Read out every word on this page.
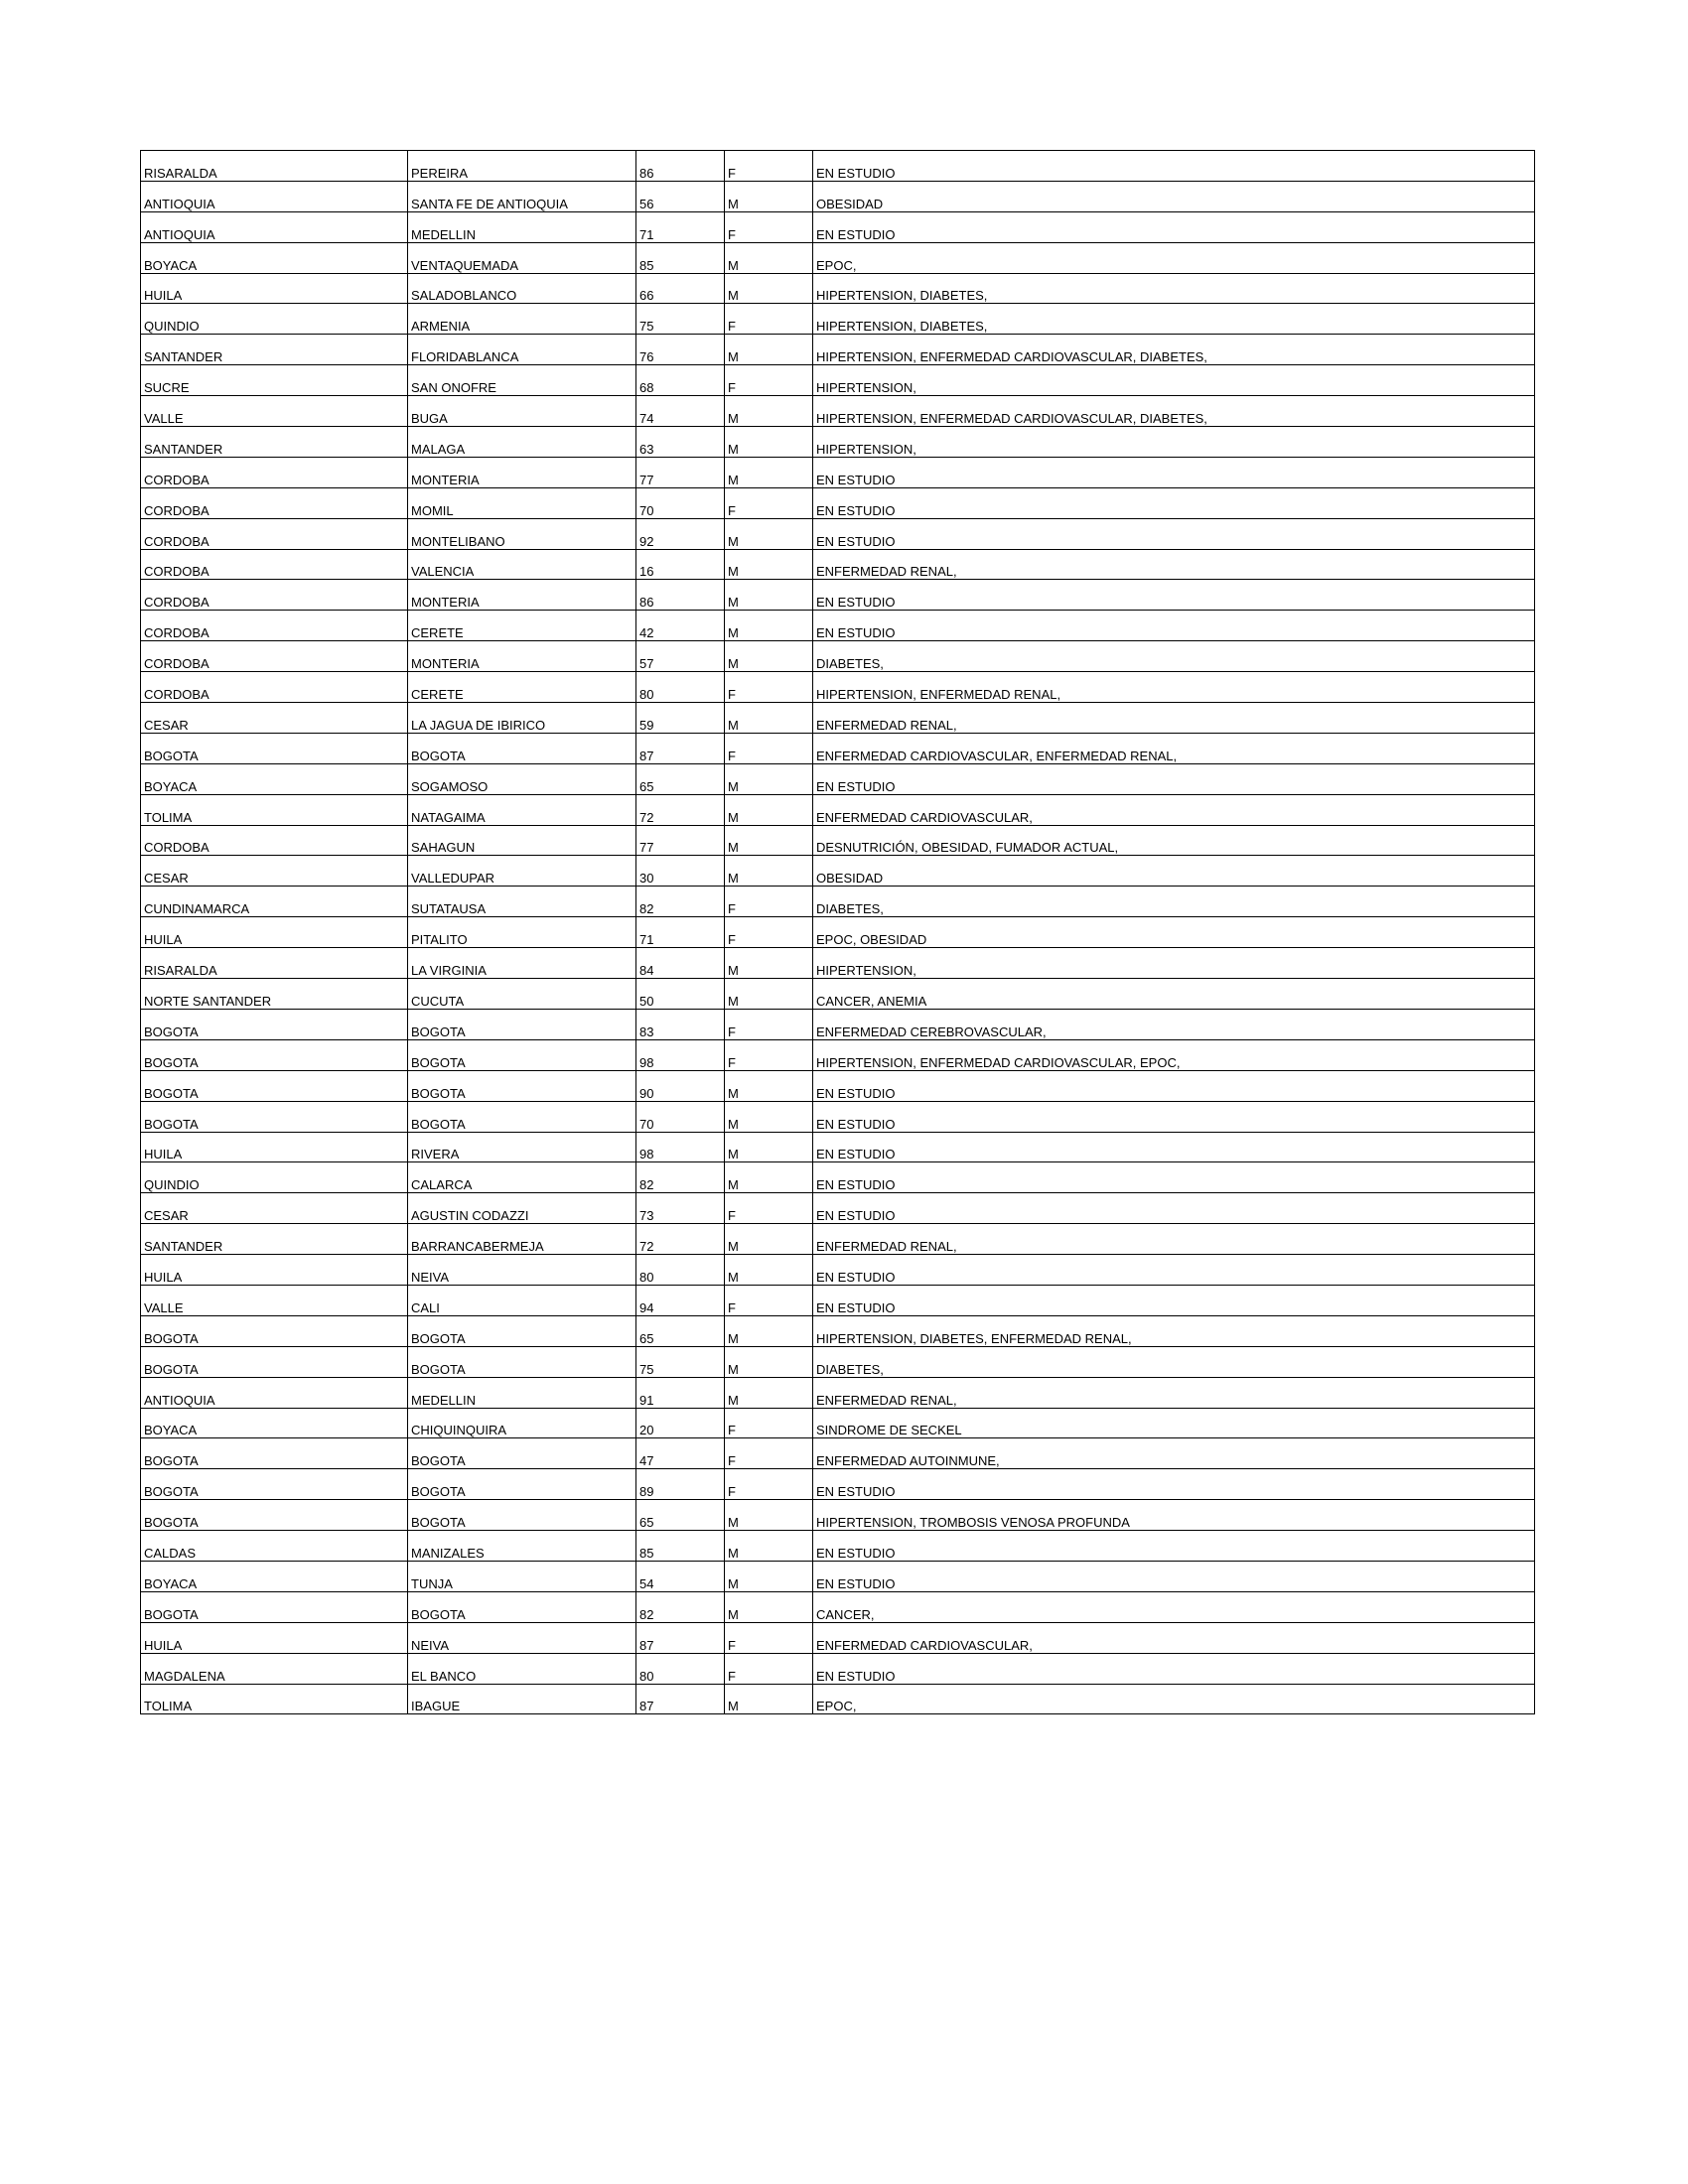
RISARALDA	PEREIRA	86	F	EN ESTUDIO
ANTIOQUIA	SANTA FE DE ANTIOQUIA	56	M	OBESIDAD
ANTIOQUIA	MEDELLIN	71	F	EN ESTUDIO
BOYACA	VENTAQUEMADA	85	M	EPOC,
HUILA	SALADOBLANCO	66	M	HIPERTENSION, DIABETES,
QUINDIO	ARMENIA	75	F	HIPERTENSION, DIABETES,
SANTANDER	FLORIDABLANCA	76	M	HIPERTENSION, ENFERMEDAD CARDIOVASCULAR, DIABETES,
SUCRE	SAN ONOFRE	68	F	HIPERTENSION,
VALLE	BUGA	74	M	HIPERTENSION, ENFERMEDAD CARDIOVASCULAR, DIABETES,
SANTANDER	MALAGA	63	M	HIPERTENSION,
CORDOBA	MONTERIA	77	M	EN ESTUDIO
CORDOBA	MOMIL	70	F	EN ESTUDIO
CORDOBA	MONTELIBANO	92	M	EN ESTUDIO
CORDOBA	VALENCIA	16	M	ENFERMEDAD RENAL,
CORDOBA	MONTERIA	86	M	EN ESTUDIO
CORDOBA	CERETE	42	M	EN ESTUDIO
CORDOBA	MONTERIA	57	M	DIABETES,
CORDOBA	CERETE	80	F	HIPERTENSION, ENFERMEDAD RENAL,
CESAR	LA JAGUA DE IBIRICO	59	M	ENFERMEDAD RENAL,
BOGOTA	BOGOTA	87	F	ENFERMEDAD CARDIOVASCULAR, ENFERMEDAD RENAL,
BOYACA	SOGAMOSO	65	M	EN ESTUDIO
TOLIMA	NATAGAIMA	72	M	ENFERMEDAD CARDIOVASCULAR,
CORDOBA	SAHAGUN	77	M	DESNUTRICIÓN, OBESIDAD, FUMADOR ACTUAL,
CESAR	VALLEDUPAR	30	M	OBESIDAD
CUNDINAMARCA	SUTATAUSA	82	F	DIABETES,
HUILA	PITALITO	71	F	EPOC, OBESIDAD
RISARALDA	LA VIRGINIA	84	M	HIPERTENSION,
NORTE SANTANDER	CUCUTA	50	M	CANCER, ANEMIA
BOGOTA	BOGOTA	83	F	ENFERMEDAD CEREBROVASCULAR,
BOGOTA	BOGOTA	98	F	HIPERTENSION, ENFERMEDAD CARDIOVASCULAR, EPOC,
BOGOTA	BOGOTA	90	M	EN ESTUDIO
BOGOTA	BOGOTA	70	M	EN ESTUDIO
HUILA	RIVERA	98	M	EN ESTUDIO
QUINDIO	CALARCA	82	M	EN ESTUDIO
CESAR	AGUSTIN CODAZZI	73	F	EN ESTUDIO
SANTANDER	BARRANCABERMEJA	72	M	ENFERMEDAD RENAL,
HUILA	NEIVA	80	M	EN ESTUDIO
VALLE	CALI	94	F	EN ESTUDIO
BOGOTA	BOGOTA	65	M	HIPERTENSION, DIABETES, ENFERMEDAD RENAL,
BOGOTA	BOGOTA	75	M	DIABETES,
ANTIOQUIA	MEDELLIN	91	M	ENFERMEDAD RENAL,
BOYACA	CHIQUINQUIRA	20	F	SINDROME DE SECKEL
BOGOTA	BOGOTA	47	F	ENFERMEDAD AUTOINMUNE,
BOGOTA	BOGOTA	89	F	EN ESTUDIO
BOGOTA	BOGOTA	65	M	HIPERTENSION, TROMBOSIS VENOSA PROFUNDA
CALDAS	MANIZALES	85	M	EN ESTUDIO
BOYACA	TUNJA	54	M	EN ESTUDIO
BOGOTA	BOGOTA	82	M	CANCER,
HUILA	NEIVA	87	F	ENFERMEDAD CARDIOVASCULAR,
MAGDALENA	EL BANCO	80	F	EN ESTUDIO
TOLIMA	IBAGUE	87	M	EPOC,
